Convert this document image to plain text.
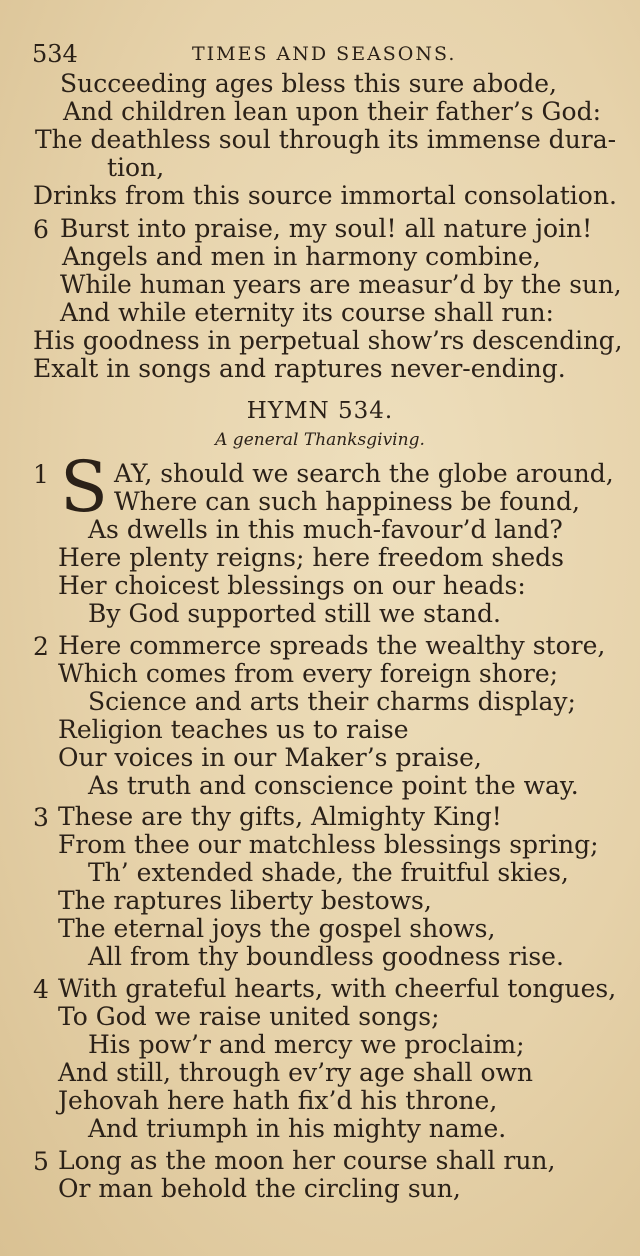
534	TIMES AND SEASONS.
Succeeding ages bless this sure abode,
And children lean upon their father’s God:
The deathless soul through its immense dura-
tion,
Drinks from this source immortal consolation.
6 Burst into praise, my soul! all nature join!
Angels and men in harmony combine,
While human years are measur’d by the sun,
And while eternity its course shall run:
His goodness in perpetual show’rs descending,
Exalt in songs and raptures never-ending.
HYMN 534.
A general Thanksgiving.
1 S AY, should we search the globe around,
Where can such happiness be found,
As dwells in this much-favour’d land?
Here plenty reigns; here freedom sheds
Her choicest blessings on our heads:
By God supported still we stand.
2 Here commerce spreads the wealthy store,
Which comes from every foreign shore;
Science and arts their charms display;
Religion teaches us to raise
Our voices in our Maker’s praise,
As truth and conscience point the way.
3 These are thy gifts, Almighty King!
From thee our matchless blessings spring;
Th’ extended shade, the fruitful skies,
The raptures liberty bestows,
The eternal joys the gospel shows,
All from thy boundless goodness rise.
4 With grateful hearts, with cheerful tongues,
To God we raise united songs;
His pow’r and mercy we proclaim;
And still, through ev’ry age shall own
Jehovah here hath fix’d his throne,
And triumph in his mighty name.
5 Long as the moon her course shall run,
Or man behold the circling sun,
